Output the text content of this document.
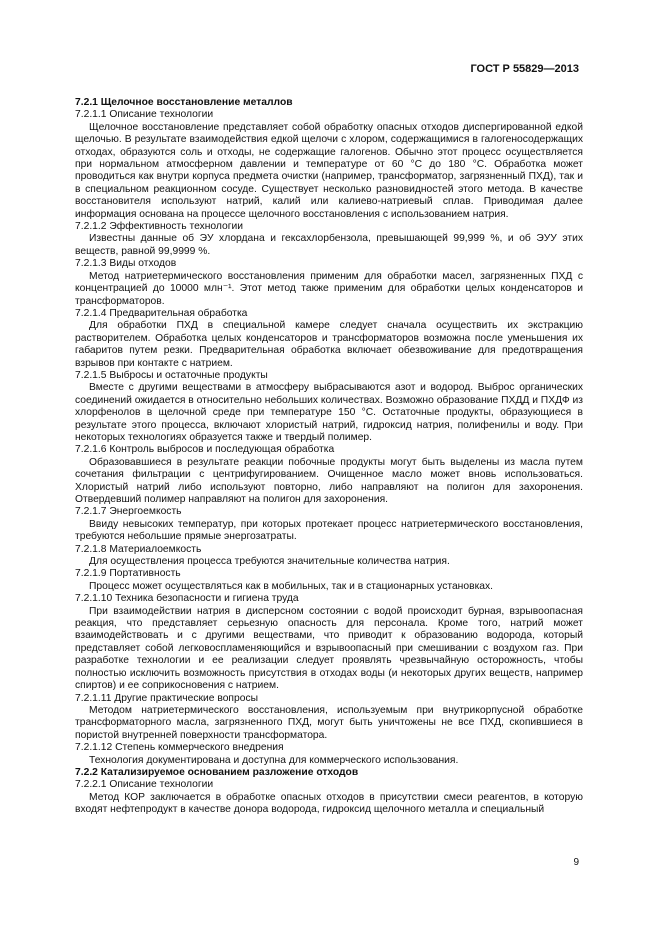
ГОСТ Р 55829—2013

7.2.1 Щелочное восстановление металлов

7.2.1.1 Описание технологии

Щелочное восстановление представляет собой обработку опасных отходов диспергированной едкой щелочью. В результате взаимодействия едкой щелочи с хлором, содержащимися в галогеносодержащих отходах, образуются соль и отходы, не содержащие галогенов. Обычно этот процесс осуществляется при нормальном атмосферном давлении и температуре от 60 °С до 180 °С. Обработка может проводиться как внутри корпуса предмета очистки (например, трансформатор, загрязненный ПХД), так и в специальном реакционном сосуде. Существует несколько разновидностей этого метода. В качестве восстановителя используют натрий, калий или калиево-натриевый сплав. Приводимая далее информация основана на процессе щелочного восстановления с использованием натрия.

7.2.1.2 Эффективность технологии

Известны данные об ЭУ хлордана и гексахлорбензола, превышающей 99,999 %, и об ЭУУ этих веществ, равной 99,9999 %.

7.2.1.3 Виды отходов

Метод натриетермического восстановления применим для обработки масел, загрязненных ПХД с концентрацией до 10000 млн⁻¹. Этот метод также применим для обработки целых конденсаторов и трансформаторов.

7.2.1.4 Предварительная обработка

Для обработки ПХД в специальной камере следует сначала осуществить их экстракцию растворителем. Обработка целых конденсаторов и трансформаторов возможна после уменьшения их габаритов путем резки. Предварительная обработка включает обезвоживание для предотвращения взрывов при контакте с натрием.

7.2.1.5 Выбросы и остаточные продукты

Вместе с другими веществами в атмосферу выбрасываются азот и водород. Выброс органических соединений ожидается в относительно небольших количествах. Возможно образование ПХДД и ПХДФ из хлорфенолов в щелочной среде при температуре 150 °С. Остаточные продукты, образующиеся в результате этого процесса, включают хлористый натрий, гидроксид натрия, полифенилы и воду. При некоторых технологиях образуется также и твердый полимер.

7.2.1.6 Контроль выбросов и последующая обработка

Образовавшиеся в результате реакции побочные продукты могут быть выделены из масла путем сочетания фильтрации с центрифугированием. Очищенное масло может вновь использоваться. Хлористый натрий либо используют повторно, либо направляют на полигон для захоронения. Отвердевший полимер направляют на полигон для захоронения.

7.2.1.7 Энергоемкость

Ввиду невысоких температур, при которых протекает процесс натриетермического восстановления, требуются небольшие прямые энергозатраты.

7.2.1.8 Материалоемкость

Для осуществления процесса требуются значительные количества натрия.

7.2.1.9 Портативность

Процесс может осуществляться как в мобильных, так и в стационарных установках.

7.2.1.10 Техника безопасности и гигиена труда

При взаимодействии натрия в дисперсном состоянии с водой происходит бурная, взрывоопасная реакция, что представляет серьезную опасность для персонала. Кроме того, натрий может взаимодействовать и с другими веществами, что приводит к образованию водорода, который представляет собой легковоспламеняющийся и взрывоопасный при смешивании с воздухом газ. При разработке технологии и ее реализации следует проявлять чрезвычайную осторожность, чтобы полностью исключить возможность присутствия в отходах воды (и некоторых других веществ, например спиртов) и ее соприкосновения с натрием.

7.2.1.11 Другие практические вопросы

Методом натриетермического восстановления, используемым при внутрикорпусной обработке трансформаторного масла, загрязненного ПХД, могут быть уничтожены не все ПХД, скопившиеся в пористой внутренней поверхности трансформатора.

7.2.1.12 Степень коммерческого внедрения

Технология документирована и доступна для коммерческого использования.

7.2.2 Катализируемое основанием разложение отходов

7.2.2.1 Описание технологии

Метод КОР заключается в обработке опасных отходов в присутствии смеси реагентов, в которую входят нефтепродукт в качестве донора водорода, гидроксид щелочного металла и специальный

9
